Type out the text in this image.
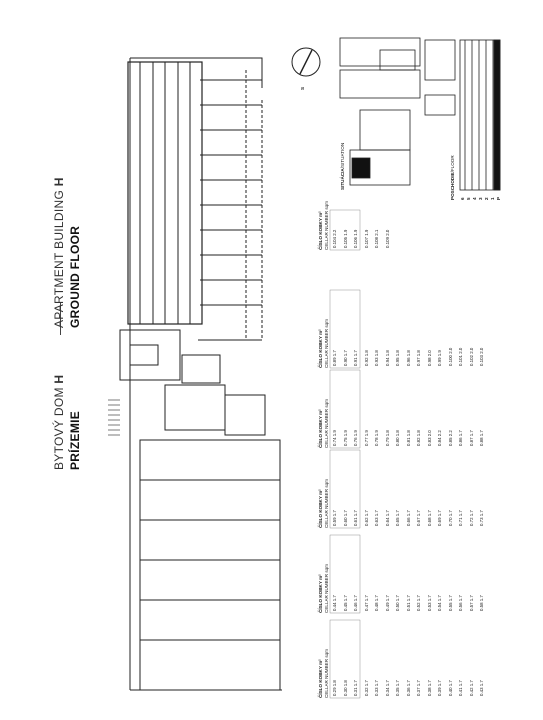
BYTOVÝ DOM H
PRÍZEMIE
APARTMENT BUILDING H
GROUND FLOOR
SITUÁCIA/SITUATION
POSCHODIE/FLOOR
S
6 5 4 3 2 1 P
ČÍSLO KOBKY m² CELLAR NUMBER sqm 0.29 1.8 0.30 1.8 0.31 1.7 0.32 1.7 0.33 1.7 0.34 1.7 0.35 1.7 0.36 1.7 0.37 1.7 0.38 1.7 0.39 1.7 0.40 1.7 0.41 1.7 0.42 1.7 0.43 1.7
ČÍSLO KOBKY m² CELLAR NUMBER sqm 0.44 1.7 0.45 1.7 0.46 1.7 0.47 1.7 0.48 1.7 0.49 1.7 0.50 1.7 0.51 1.7 0.52 1.7 0.53 1.7 0.54 1.7 0.55 1.7 0.56 1.7 0.57 1.7 0.58 1.7
ČÍSLO KOBKY m² CELLAR NUMBER sqm 0.59 1.7 0.60 1.7 0.61 1.7 0.62 1.7 0.63 1.7 0.64 1.7 0.65 1.7 0.66 1.7 0.67 1.7 0.68 1.7 0.69 1.7 0.70 1.7 0.71 1.7 0.72 1.7 0.73 1.7
ČÍSLO KOBKY m² CELLAR NUMBER sqm 0.74 1.9 0.75 1.9 0.76 1.9 0.77 1.9 0.78 1.9 0.79 1.8 0.80 1.8 0.81 1.8 0.82 1.8 0.83 2.0 0.84 2.2 0.85 2.2 0.86 1.7 0.87 1.7 0.88 1.7
ČÍSLO KOBKY m² CELLAR NUMBER sqm 0.89 1.7 0.90 1.7 0.91 1.7 0.92 1.8 0.93 1.8 0.94 1.8 0.95 1.8 0.96 1.8 0.97 1.8 0.98 2.0 0.99 1.9 0.100 2.0 0.101 2.0 0.102 2.0 0.103 2.0
ČÍSLO KOBKY m² CELLAR NUMBER sqm 0.104 2.2 0.105 1.9 0.106 1.9 0.107 1.9 0.108 2.1 0.109 2.0
